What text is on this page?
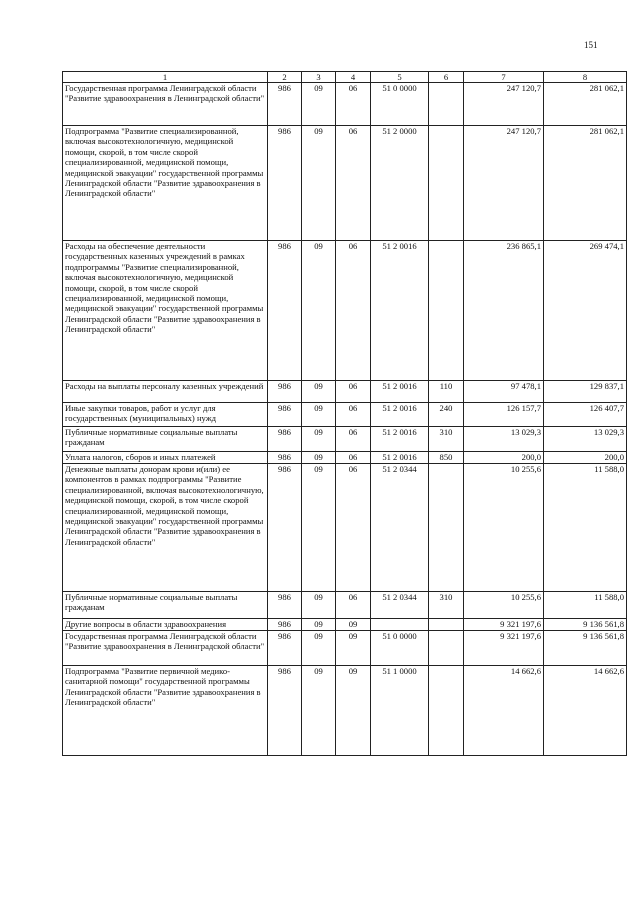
151
1	2	3	4	5	6	7	8
Государственная программа Ленинградской области "Развитие здравоохранения в Ленинградской области"	986	09	06	51 0 0000		247 120,7	281 062,1
Подпрограмма "Развитие специализированной, включая высокотехнологичную, медицинской помощи, скорой, в том числе скорой специализированной, медицинской помощи, медицинской эвакуации" государственной программы Ленинградской области "Развитие здравоохранения в Ленинградской области"	986	09	06	51 2 0000		247 120,7	281 062,1
Расходы на обеспечение деятельности государственных казенных учреждений в рамках подпрограммы "Развитие специализированной, включая высокотехнологичную, медицинской помощи, скорой, в том числе скорой специализированной, медицинской помощи, медицинской эвакуации" государственной программы Ленинградской области "Развитие здравоохранения в Ленинградской области"	986	09	06	51 2 0016		236 865,1	269 474,1
Расходы на выплаты персоналу казенных учреждений	986	09	06	51 2 0016	110	97 478,1	129 837,1
Иные закупки товаров, работ и услуг для государственных (муниципальных) нужд	986	09	06	51 2 0016	240	126 157,7	126 407,7
Публичные нормативные социальные выплаты гражданам	986	09	06	51 2 0016	310	13 029,3	13 029,3
Уплата налогов, сборов и иных платежей	986	09	06	51 2 0016	850	200,0	200,0
Денежные выплаты донорам крови и(или) ее компонентов в рамках подпрограммы "Развитие специализированной, включая высокотехнологичную, медицинской помощи, скорой, в том числе скорой специализированной, медицинской помощи, медицинской эвакуации" государственной программы Ленинградской области "Развитие здравоохранения в Ленинградской области"	986	09	06	51 2 0344		10 255,6	11 588,0
Публичные нормативные социальные выплаты гражданам	986	09	06	51 2 0344	310	10 255,6	11 588,0
Другие вопросы в области здравоохранения	986	09	09			9 321 197,6	9 136 561,8
Государственная программа Ленинградской области "Развитие здравоохранения в Ленинградской области"	986	09	09	51 0 0000		9 321 197,6	9 136 561,8
Подпрограмма "Развитие первичной медико-санитарной помощи" государственной программы Ленинградской области "Развитие здравоохранения в Ленинградской области"	986	09	09	51 1 0000		14 662,6	14 662,6
